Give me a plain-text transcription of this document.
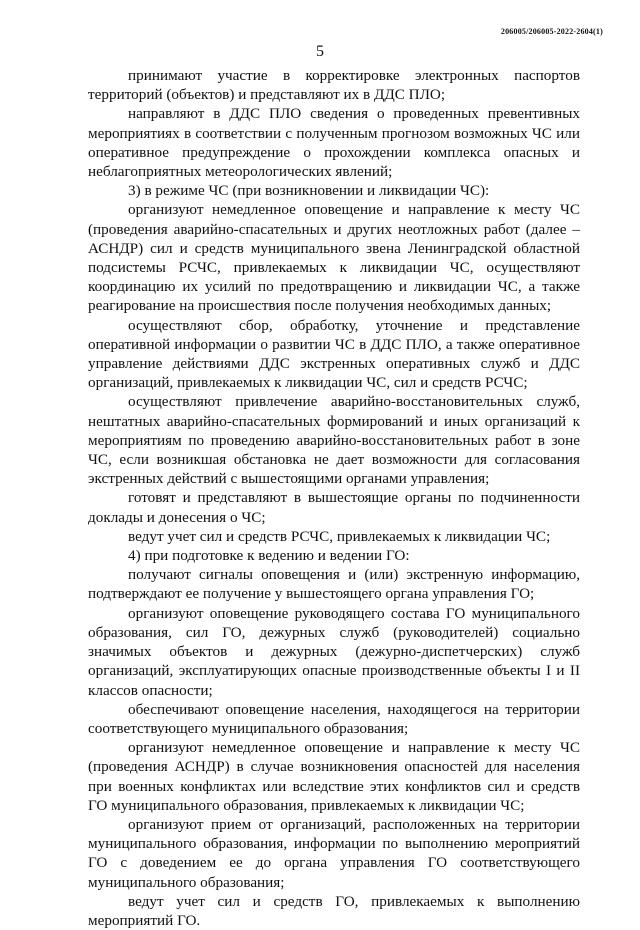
206005/206005-2022-2604(1)
5

принимают участие в корректировке электронных паспортов территорий (объектов) и представляют их в ДДС ПЛО;

направляют в ДДС ПЛО сведения о проведенных превентивных мероприятиях в соответствии с полученным прогнозом возможных ЧС или оперативное предупреждение о прохождении комплекса опасных и неблагоприятных метеорологических явлений;

3) в режиме ЧС (при возникновении и ликвидации ЧС):

организуют немедленное оповещение и направление к месту ЧС (проведения аварийно-спасательных и других неотложных работ (далее – АСНДР) сил и средств муниципального звена Ленинградской областной подсистемы РСЧС, привлекаемых к ликвидации ЧС, осуществляют координацию их усилий по предотвращению и ликвидации ЧС, а также реагирование на происшествия после получения необходимых данных;

осуществляют сбор, обработку, уточнение и представление оперативной информации о развитии ЧС в ДДС ПЛО, а также оперативное управление действиями ДДС экстренных оперативных служб и ДДС организаций, привлекаемых к ликвидации ЧС, сил и средств РСЧС;

осуществляют привлечение аварийно-восстановительных служб, нештатных аварийно-спасательных формирований и иных организаций к мероприятиям по проведению аварийно-восстановительных работ в зоне ЧС, если возникшая обстановка не дает возможности для согласования экстренных действий с вышестоящими органами управления;

готовят и представляют в вышестоящие органы по подчиненности доклады и донесения о ЧС;

ведут учет сил и средств РСЧС, привлекаемых к ликвидации ЧС;

4) при подготовке к ведению и ведении ГО:

получают сигналы оповещения и (или) экстренную информацию, подтверждают ее получение у вышестоящего органа управления ГО;

организуют оповещение руководящего состава ГО муниципального образования, сил ГО, дежурных служб (руководителей) социально значимых объектов и дежурных (дежурно-диспетчерских) служб организаций, эксплуатирующих опасные производственные объекты I и II классов опасности;

обеспечивают оповещение населения, находящегося на территории соответствующего муниципального образования;

организуют немедленное оповещение и направление к месту ЧС (проведения АСНДР) в случае возникновения опасностей для населения при военных конфликтах или вследствие этих конфликтов сил и средств ГО муниципального образования, привлекаемых к ликвидации ЧС;

организуют прием от организаций, расположенных на территории муниципального образования, информации по выполнению мероприятий ГО с доведением ее до органа управления ГО соответствующего муниципального образования;

ведут учет сил и средств ГО, привлекаемых к выполнению мероприятий ГО.
